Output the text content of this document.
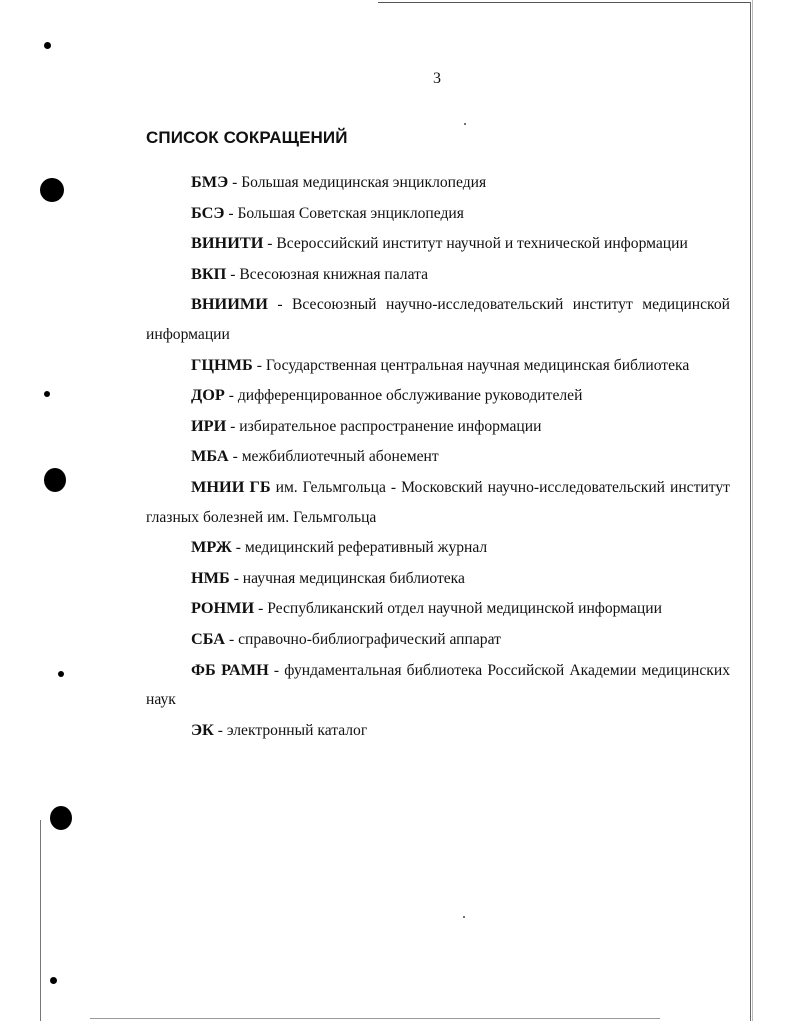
3
СПИСОК СОКРАЩЕНИЙ
БМЭ - Большая медицинская энциклопедия
БСЭ - Большая Советская энциклопедия
ВИНИТИ - Всероссийский институт научной и технической информации
ВКП - Всесоюзная книжная палата
ВНИИМИ - Всесоюзный научно-исследовательский институт медицинской информации
ГЦНМБ - Государственная центральная научная медицинская библиотека
ДОР - дифференцированное обслуживание руководителей
ИРИ - избирательное распространение информации
МБА - межбиблиотечный абонемент
МНИИ ГБ им. Гельмгольца - Московский научно-исследовательский институт глазных болезней им. Гельмгольца
МРЖ - медицинский реферативный журнал
НМБ - научная медицинская библиотека
РОНМИ - Республиканский отдел научной медицинской информации
СБА - справочно-библиографический аппарат
ФБ РАМН - фундаментальная библиотека Российской Академии медицинских наук
ЭК - электронный каталог
